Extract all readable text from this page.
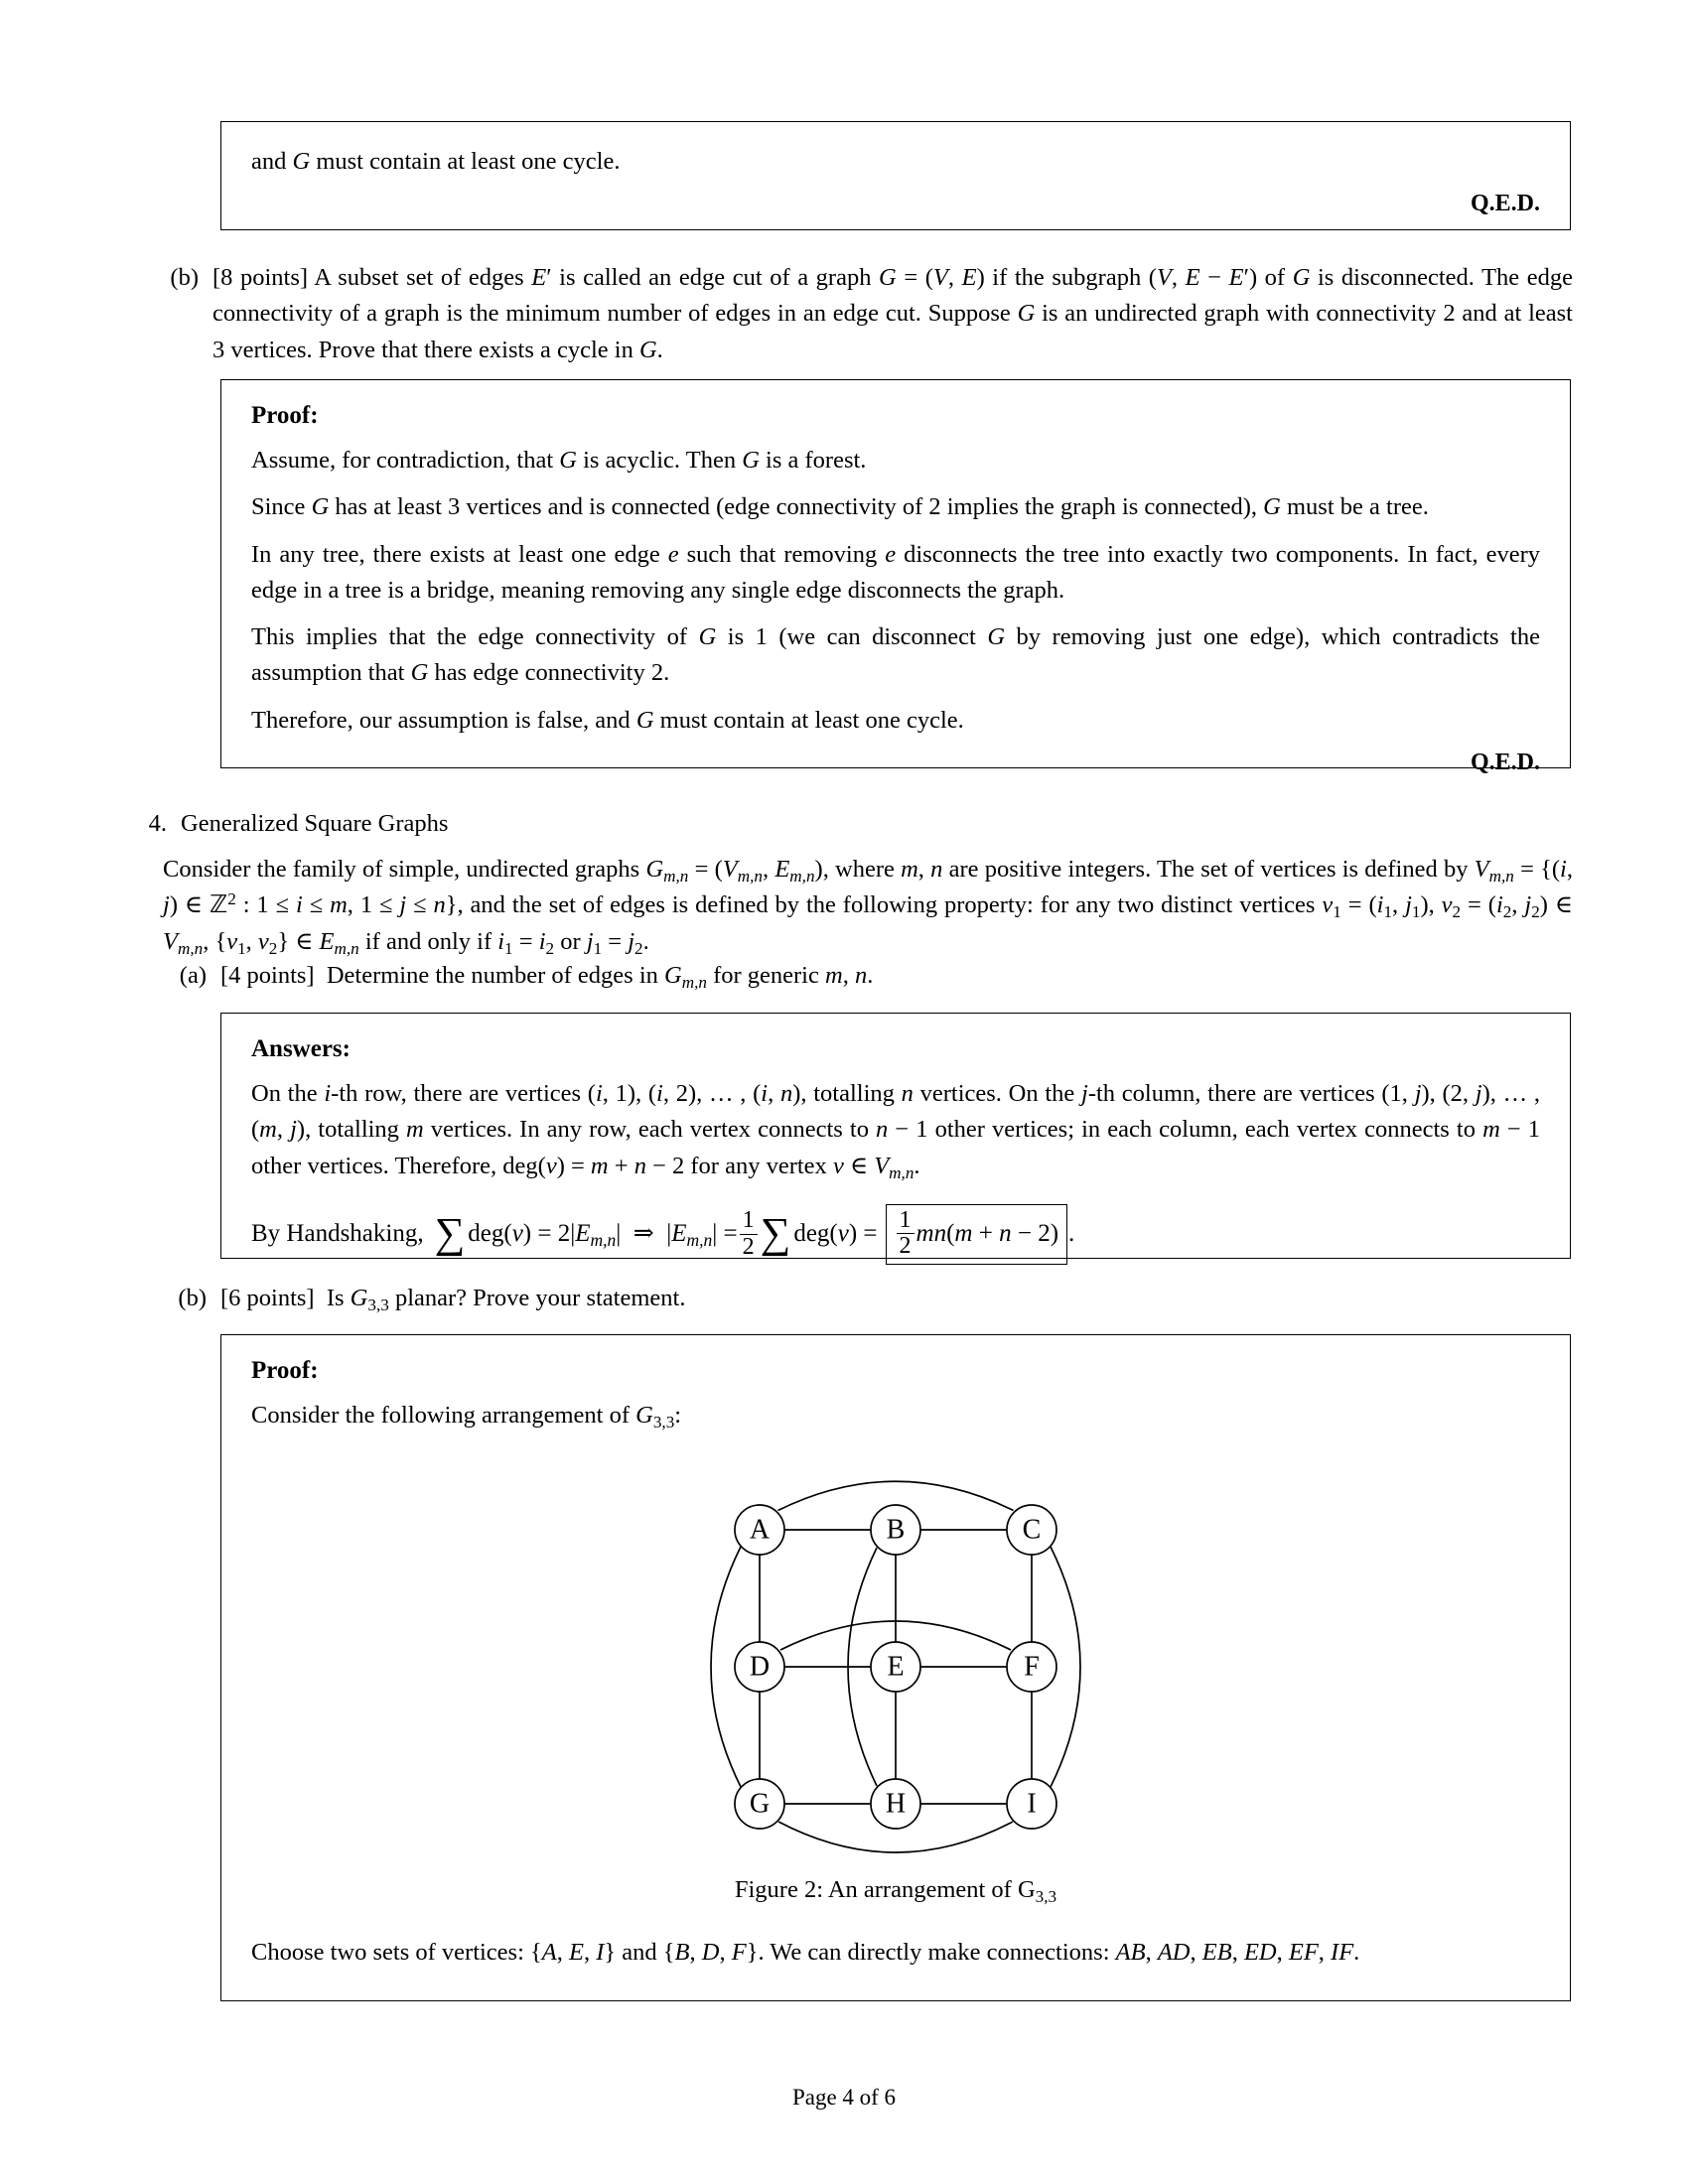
and G must contain at least one cycle.
Q.E.D.
(b) [8 points] A subset set of edges E′ is called an edge cut of a graph G = (V, E) if the subgraph (V, E − E′) of G is disconnected. The edge connectivity of a graph is the minimum number of edges in an edge cut. Suppose G is an undirected graph with connectivity 2 and at least 3 vertices. Prove that there exists a cycle in G.
Proof:
Assume, for contradiction, that G is acyclic. Then G is a forest.
Since G has at least 3 vertices and is connected (edge connectivity of 2 implies the graph is connected), G must be a tree.
In any tree, there exists at least one edge e such that removing e disconnects the tree into exactly two components. In fact, every edge in a tree is a bridge, meaning removing any single edge disconnects the graph.
This implies that the edge connectivity of G is 1 (we can disconnect G by removing just one edge), which contradicts the assumption that G has edge connectivity 2.
Therefore, our assumption is false, and G must contain at least one cycle.
Q.E.D.
4. Generalized Square Graphs
Consider the family of simple, undirected graphs $G_{m,n} = (V_{m,n}$, $E_{m,n}$), where m, n are positive integers. The set of vertices is defined by $V_{m,n} = \{(i$, j) ∈ ℤ$^2$ : 1 ≤ i ≤ m, 1 ≤ j ≤ n}, and the set of edges is defined by the following property: for any two distinct vertices $v_1 = (i_1$, $j_1$), $v_2 = (i_2$, $j_2$) ∈ $V_{m,n}$, {$v_1$, $v_2$} ∈ $E_{m,n}$ if and only if $i_1 = i_2$ or $j_1 = j_2$.
(a) [4 points]  Determine the number of edges in $G_{m,n}$ for generic m, n.
Answers:
On the i-th row, there are vertices (i, 1), (i, 2), … , (i, n), totalling n vertices. On the j-th column, there are vertices (1, j), (2, j), … , (m, j), totalling m vertices. In any row, each vertex connects to n − 1 other vertices; in each column, each vertex connects to m − 1 other vertices. Therefore, deg(v) = m + n − 2 for any vertex v ∈ $V_{m,n}$.
By Handshaking, ∑ $deg(v) = 2|E_{m,n}|$  ⇒  $|E_{m,n}| = \frac{1}{2}$ ∑ $deg(v) = \frac{1}{2} mn(m + n - 2)$ .
(b) [6 points]  Is $G_{3,3}$ planar? Prove your statement.
Proof:
Consider the following arrangement of $G_{3,3}$:
A	B	C
D	E	F
G	H	I
Figure 2: An arrangement of $G_{3,3}$
Choose two sets of vertices: {A, E, I} and {B, D, F}. We can directly make connections: AB, AD, EB, ED, EF, IF.
Page 4 of 6
